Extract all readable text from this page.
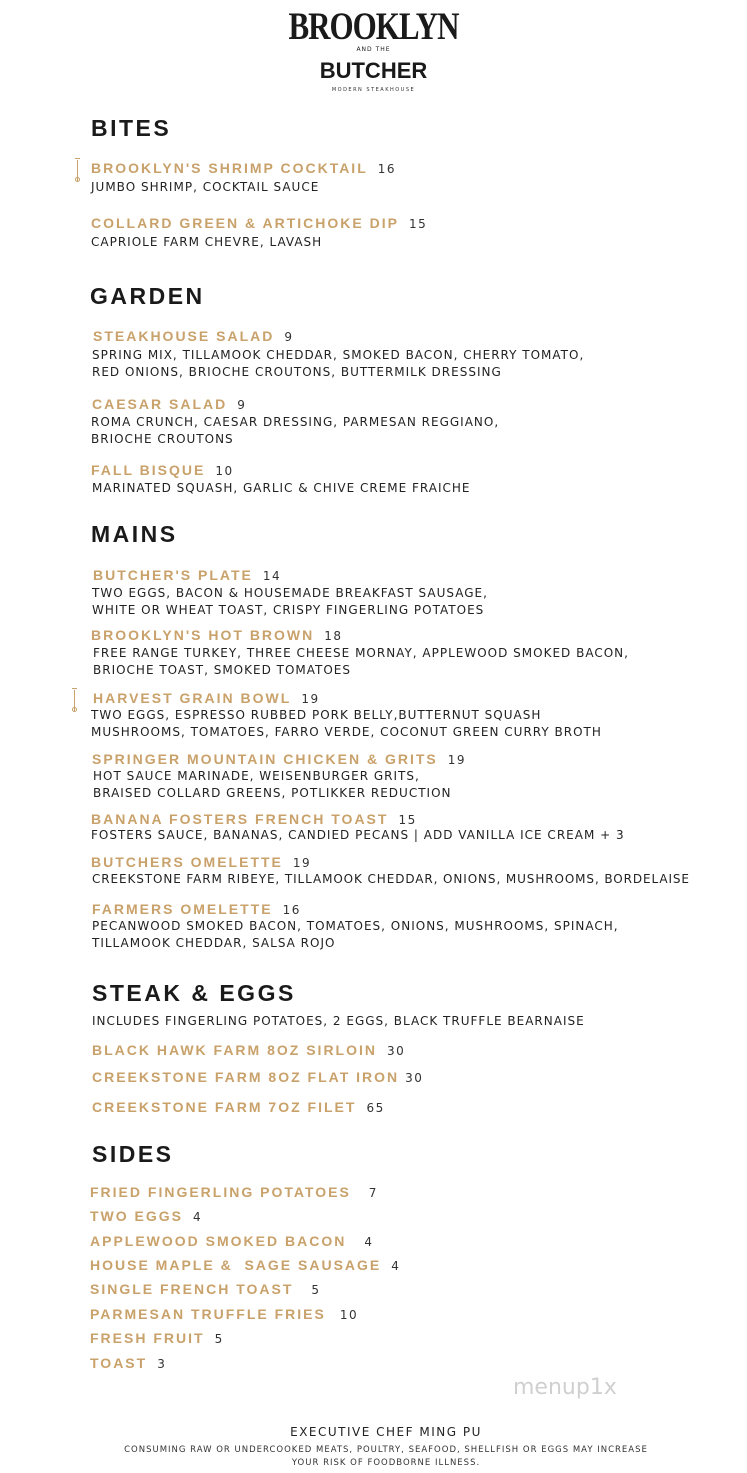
BROOKLYN
AND THE
BUTCHER
MODERN STEAKHOUSE
BITES
BROOKLYN'S SHRIMP COCKTAIL 16
JUMBO SHRIMP, COCKTAIL SAUCE
COLLARD GREEN & ARTICHOKE DIP 15
CAPRIOLE FARM CHEVRE, LAVASH
GARDEN
STEAKHOUSE SALAD 9
SPRING MIX, TILLAMOOK CHEDDAR, SMOKED BACON, CHERRY TOMATO,
RED ONIONS, BRIOCHE CROUTONS, BUTTERMILK DRESSING
CAESAR SALAD 9
ROMA CRUNCH, CAESAR DRESSING, PARMESAN REGGIANO,
BRIOCHE CROUTONS
FALL BISQUE 10
MARINATED SQUASH, GARLIC & CHIVE CREME FRAICHE
MAINS
BUTCHER'S PLATE 14
TWO EGGS, BACON & HOUSEMADE BREAKFAST SAUSAGE,
WHITE OR WHEAT TOAST, CRISPY FINGERLING POTATOES
BROOKLYN'S HOT BROWN 18
FREE RANGE TURKEY, THREE CHEESE MORNAY, APPLEWOOD SMOKED BACON,
BRIOCHE TOAST, SMOKED TOMATOES
HARVEST GRAIN BOWL 19
TWO EGGS, ESPRESSO RUBBED PORK BELLY,BUTTERNUT SQUASH
MUSHROOMS, TOMATOES, FARRO VERDE, COCONUT GREEN CURRY BROTH
SPRINGER MOUNTAIN CHICKEN & GRITS 19
HOT SAUCE MARINADE, WEISENBURGER GRITS,
BRAISED COLLARD GREENS, POTLIKKER REDUCTION
BANANA FOSTERS FRENCH TOAST 15
FOSTERS SAUCE, BANANAS, CANDIED PECANS | ADD VANILLA ICE CREAM + 3
BUTCHERS OMELETTE 19
CREEKSTONE FARM RIBEYE, TILLAMOOK CHEDDAR, ONIONS, MUSHROOMS, BORDELAISE
FARMERS OMELETTE 16
PECANWOOD SMOKED BACON, TOMATOES, ONIONS, MUSHROOMS, SPINACH,
TILLAMOOK CHEDDAR, SALSA ROJO
STEAK & EGGS
INCLUDES FINGERLING POTATOES, 2 EGGS, BLACK TRUFFLE BEARNAISE
BLACK HAWK FARM 8OZ SIRLOIN 30
CREEKSTONE FARM 8OZ FLAT IRON 30
CREEKSTONE FARM 7OZ FILET 65
SIDES
FRIED FINGERLING POTATOES 7
TWO EGGS 4
APPLEWOOD SMOKED BACON 4
HOUSE MAPLE &  SAGE SAUSAGE 4
SINGLE FRENCH TOAST 5
PARMESAN TRUFFLE FRIES 10
FRESH FRUIT 5
TOAST 3
menup1x
EXECUTIVE CHEF MING PU
CONSUMING RAW OR UNDERCOOKED MEATS, POULTRY, SEAFOOD, SHELLFISH OR EGGS MAY INCREASE
YOUR RISK OF FOODBORNE ILLNESS.
